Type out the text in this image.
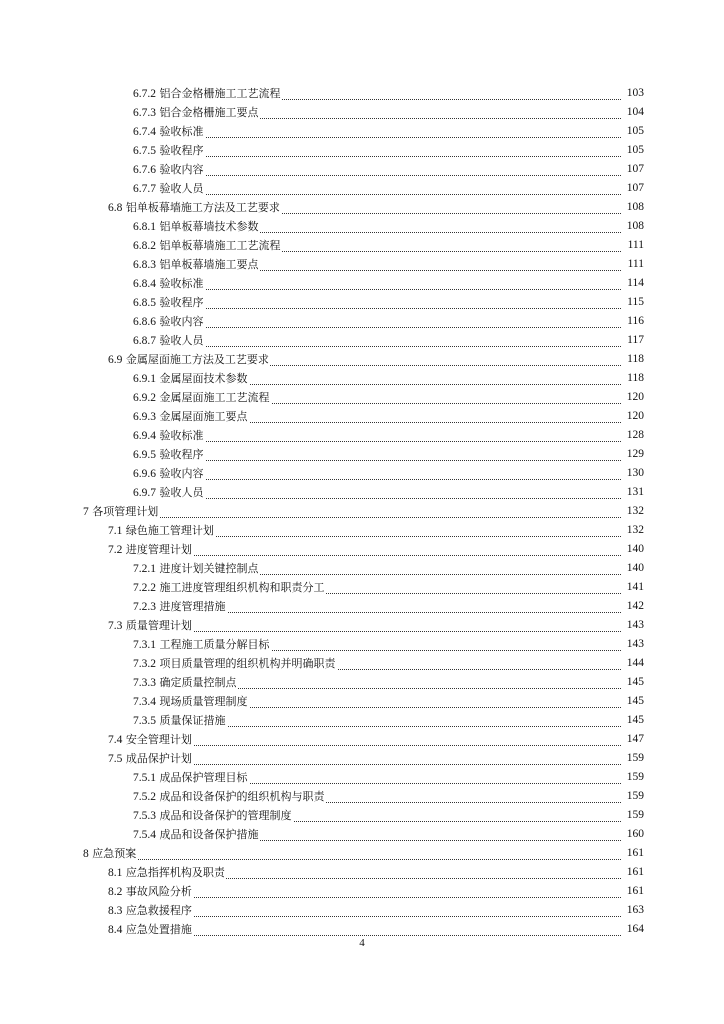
6.7.2 铝合金格栅施工工艺流程	103
6.7.3 铝合金格栅施工要点	104
6.7.4 验收标准	105
6.7.5 验收程序	105
6.7.6 验收内容	107
6.7.7 验收人员	107
6.8 铝单板幕墙施工方法及工艺要求	108
6.8.1 铝单板幕墙技术参数	108
6.8.2 铝单板幕墙施工工艺流程	111
6.8.3 铝单板幕墙施工要点	111
6.8.4 验收标准	114
6.8.5 验收程序	115
6.8.6 验收内容	116
6.8.7 验收人员	117
6.9 金属屋面施工方法及工艺要求	118
6.9.1 金属屋面技术参数	118
6.9.2 金属屋面施工工艺流程	120
6.9.3 金属屋面施工要点	120
6.9.4 验收标准	128
6.9.5 验收程序	129
6.9.6 验收内容	130
6.9.7 验收人员	131
7 各项管理计划	132
7.1 绿色施工管理计划	132
7.2 进度管理计划	140
7.2.1 进度计划关键控制点	140
7.2.2 施工进度管理组织机构和职责分工	141
7.2.3 进度管理措施	142
7.3 质量管理计划	143
7.3.1 工程施工质量分解目标	143
7.3.2 项目质量管理的组织机构并明确职责	144
7.3.3 确定质量控制点	145
7.3.4 现场质量管理制度	145
7.3.5 质量保证措施	145
7.4 安全管理计划	147
7.5 成品保护计划	159
7.5.1 成品保护管理目标	159
7.5.2 成品和设备保护的组织机构与职责	159
7.5.3 成品和设备保护的管理制度	159
7.5.4 成品和设备保护措施	160
8 应急预案	161
8.1 应急指挥机构及职责	161
8.2 事故风险分析	161
8.3 应急救援程序	163
8.4 应急处置措施	164
4
